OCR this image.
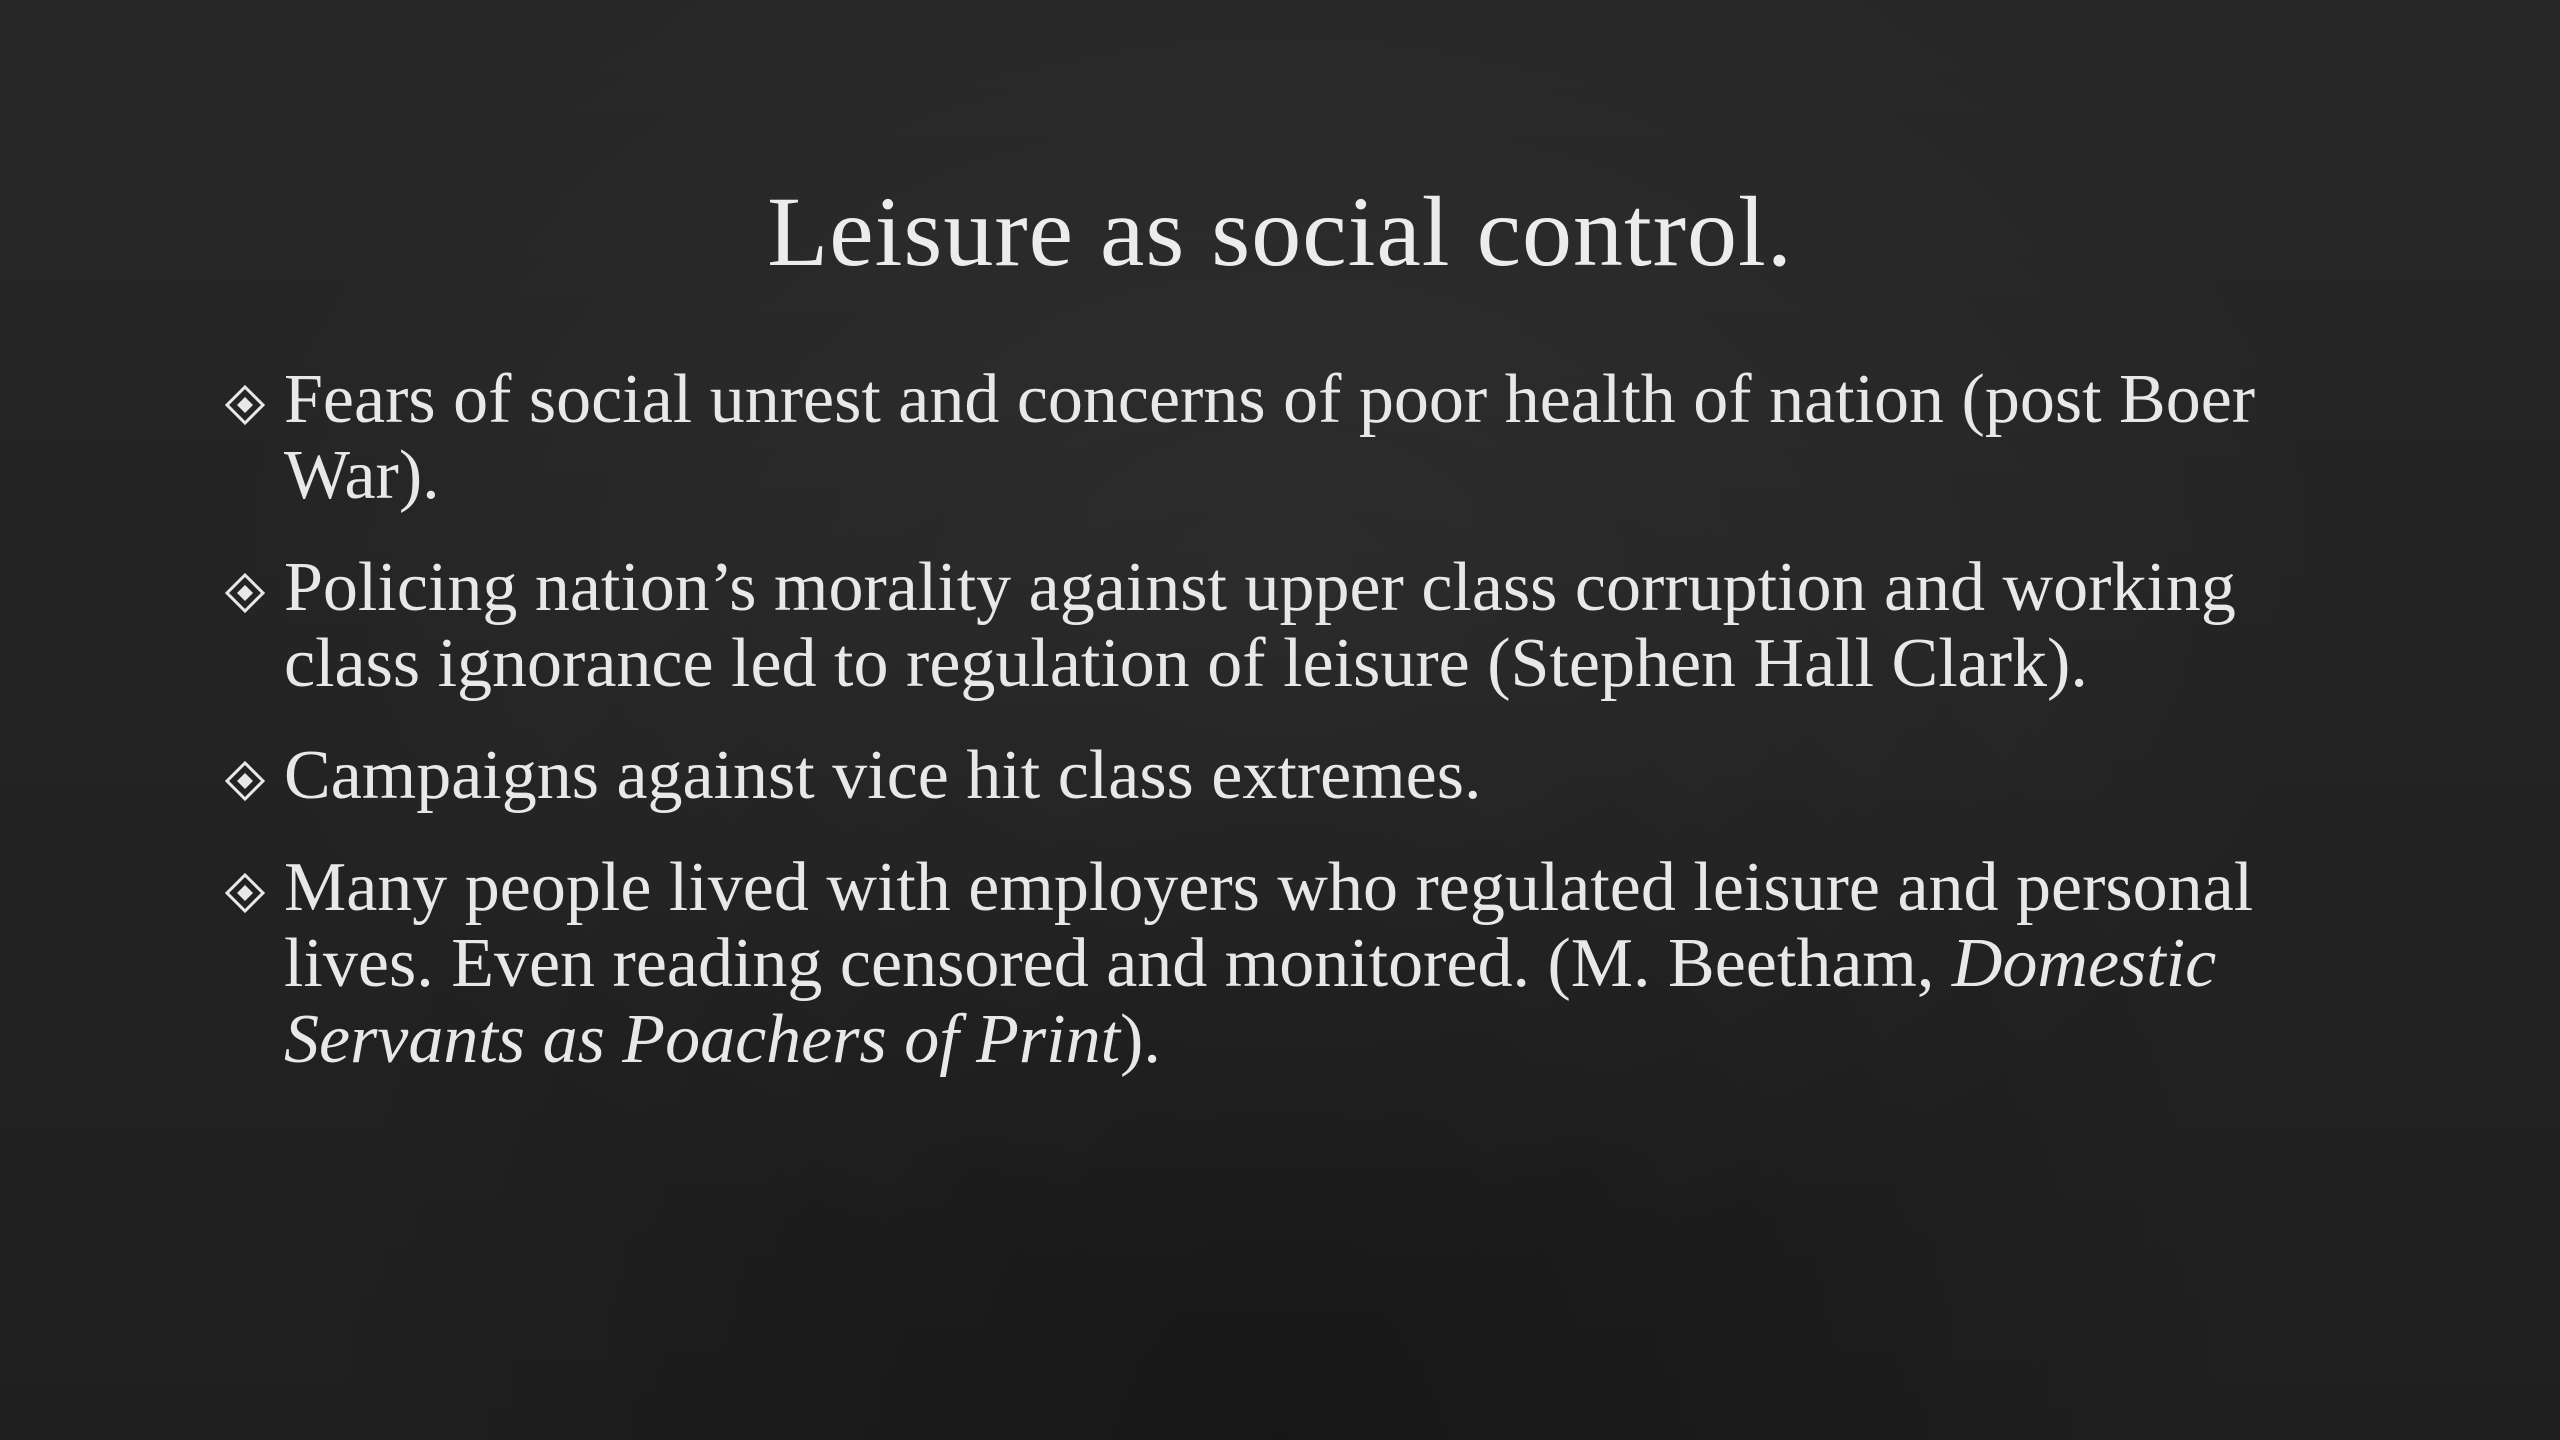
Leisure as social control.
Fears of social unrest and concerns of poor health of nation (post Boer War).
Policing nation’s morality against upper class corruption and working class ignorance led to regulation of leisure (Stephen Hall Clark).
Campaigns against vice hit class extremes.
Many people lived with employers who regulated leisure and personal lives. Even reading censored and monitored. (M. Beetham, Domestic Servants as Poachers of Print).
